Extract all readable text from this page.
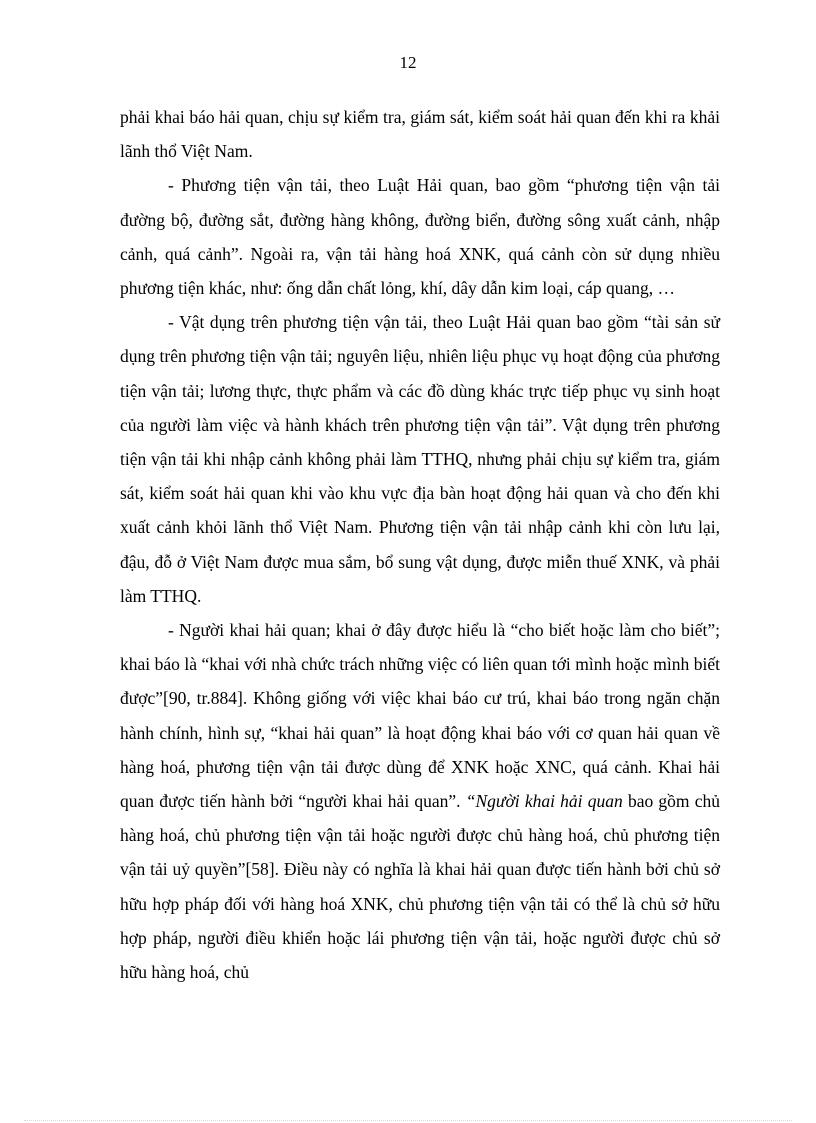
12

phải khai báo hải quan, chịu sự kiểm tra, giám sát, kiểm soát hải quan đến khi ra khải lãnh thổ Việt Nam.

- Phương tiện vận tải, theo Luật Hải quan, bao gồm “phương tiện vận tải đường bộ, đường sắt, đường hàng không, đường biển, đường sông xuất cảnh, nhập cảnh, quá cảnh”. Ngoài ra, vận tải hàng hoá XNK, quá cảnh còn sử dụng nhiều phương tiện khác, như: ống dẫn chất lỏng, khí, dây dẫn kim loại, cáp quang, …

- Vật dụng trên phương tiện vận tải, theo Luật Hải quan bao gồm “tài sản sử dụng trên phương tiện vận tải; nguyên liệu, nhiên liệu phục vụ hoạt động của phương tiện vận tải; lương thực, thực phẩm và các đồ dùng khác trực tiếp phục vụ sinh hoạt của người làm việc và hành khách trên phương tiện vận tải”. Vật dụng trên phương tiện vận tải khi nhập cảnh không phải làm TTHQ, nhưng phải chịu sự kiểm tra, giám sát, kiểm soát hải quan khi vào khu vực địa bàn hoạt động hải quan và cho đến khi xuất cảnh khỏi lãnh thổ Việt Nam. Phương tiện vận tải nhập cảnh khi còn lưu lại, đậu, đỗ ở Việt Nam được mua sắm, bổ sung vật dụng, được miễn thuế XNK, và phải làm TTHQ.

- Người khai hải quan; khai ở đây được hiểu là “cho biết hoặc làm cho biết”; khai báo là “khai với nhà chức trách những việc có liên quan tới mình hoặc mình biết được”[90, tr.884]. Không giống với việc khai báo cư trú, khai báo trong ngăn chặn hành chính, hình sự, “khai hải quan” là hoạt động khai báo với cơ quan hải quan về hàng hoá, phương tiện vận tải được dùng để XNK hoặc XNC, quá cảnh. Khai hải quan được tiến hành bởi “người khai hải quan”. “Người khai hải quan bao gồm chủ hàng hoá, chủ phương tiện vận tải hoặc người được chủ hàng hoá, chủ phương tiện vận tải uỷ quyền”[58]. Điều này có nghĩa là khai hải quan được tiến hành bởi chủ sở hữu hợp pháp đối với hàng hoá XNK, chủ phương tiện vận tải có thể là chủ sở hữu hợp pháp, người điều khiển hoặc lái phương tiện vận tải, hoặc người được chủ sở hữu hàng hoá, chủ
